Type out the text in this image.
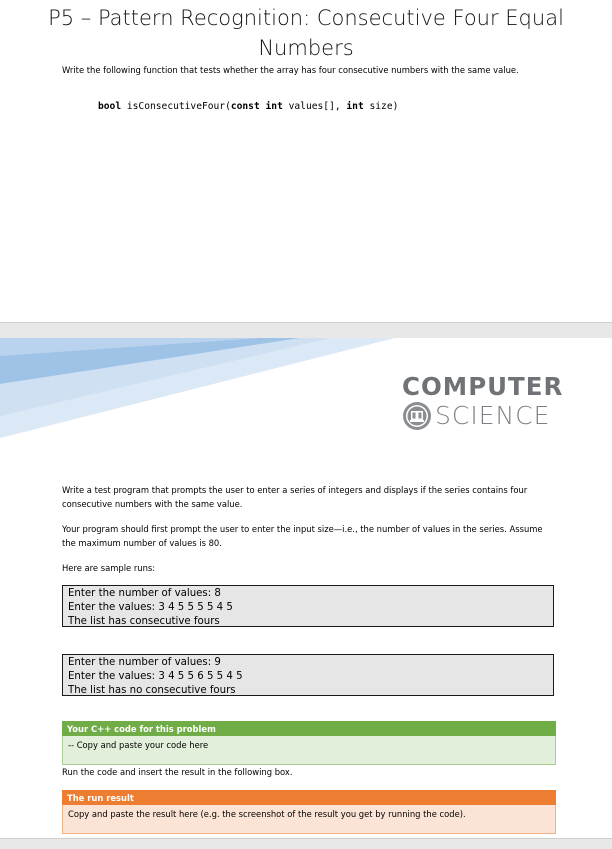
P5 – Pattern Recognition: Consecutive Four Equal Numbers
Write the following function that tests whether the array has four consecutive numbers with the same value.
bool isConsecutiveFour(const int values[], int size)
COMPUTER
SCIENCE
Write a test program that prompts the user to enter a series of integers and displays if the series contains four consecutive numbers with the same value.
Your program should first prompt the user to enter the input size—i.e., the number of values in the series. Assume the maximum number of values is 80.
Here are sample runs:
Enter the number of values: 8
Enter the values: 3 4 5 5 5 5 4 5
The list has consecutive fours
Enter the number of values: 9
Enter the values: 3 4 5 5 6 5 5 4 5
The list has no consecutive fours
Your C++ code for this problem
-- Copy and paste your code here
Run the code and insert the result in the following box.
The run result
Copy and paste the result here (e.g. the screenshot of the result you get by running the code).
